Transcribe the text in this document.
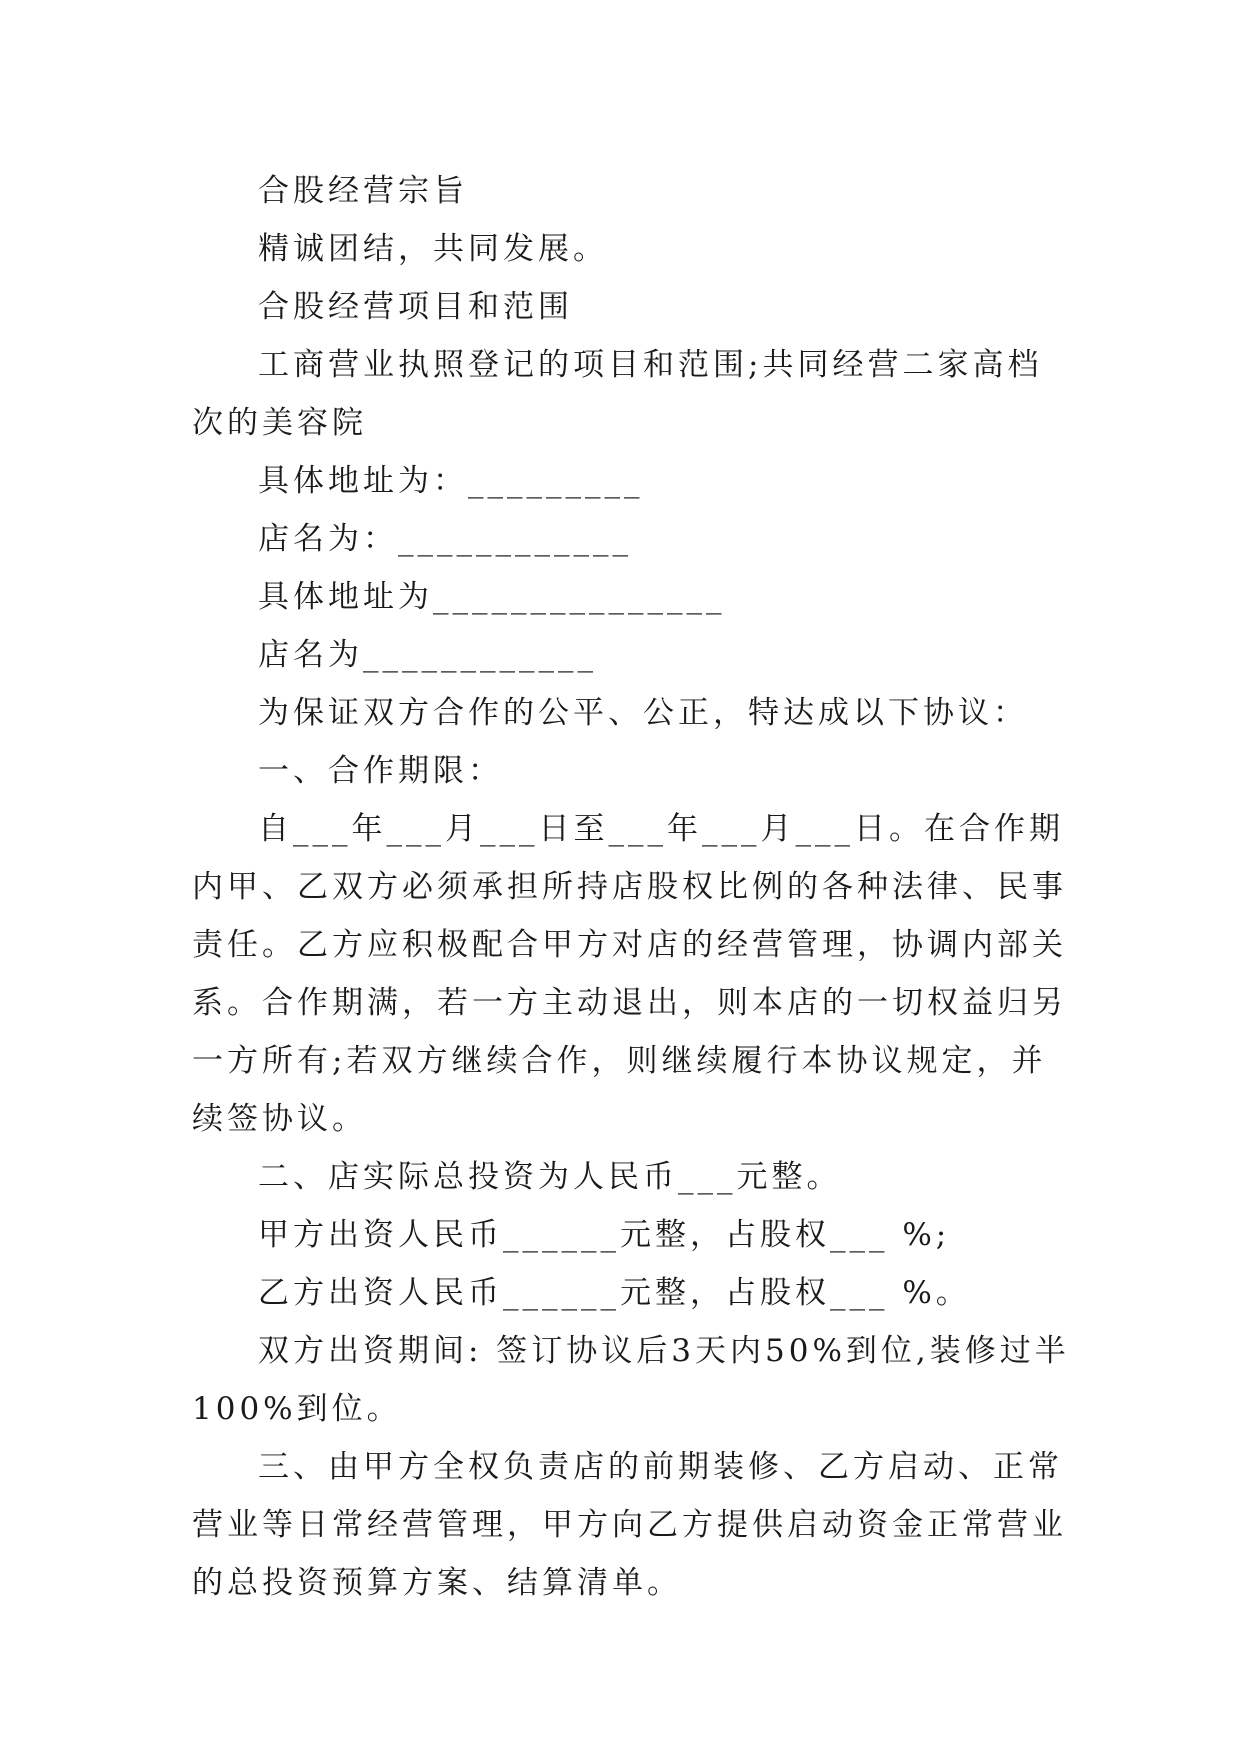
合股经营宗旨

精诚团结，共同发展。

合股经营项目和范围

工商营业执照登记的项目和范围;共同经营二家高档次的美容院

具体地址为：_________

店名为：____________

具体地址为_______________

店名为____________

为保证双方合作的公平、公正，特达成以下协议：

一、合作期限：

自___年___月___日至___年___月___日。在合作期内甲、乙双方必须承担所持店股权比例的各种法律、民事责任。乙方应积极配合甲方对店的经营管理，协调内部关系。合作期满，若一方主动退出，则本店的一切权益归另一方所有;若双方继续合作，则继续履行本协议规定，并续签协议。

二、店实际总投资为人民币___元整。

甲方出资人民币______元整，占股权___ %;

乙方出资人民币______元整，占股权___ %。

双方出资期间: 签订协议后3天内50%到位,装修过半100%到位。

三、由甲方全权负责店的前期装修、乙方启动、正常营业等日常经营管理，甲方向乙方提供启动资金正常营业的总投资预算方案、结算清单。
